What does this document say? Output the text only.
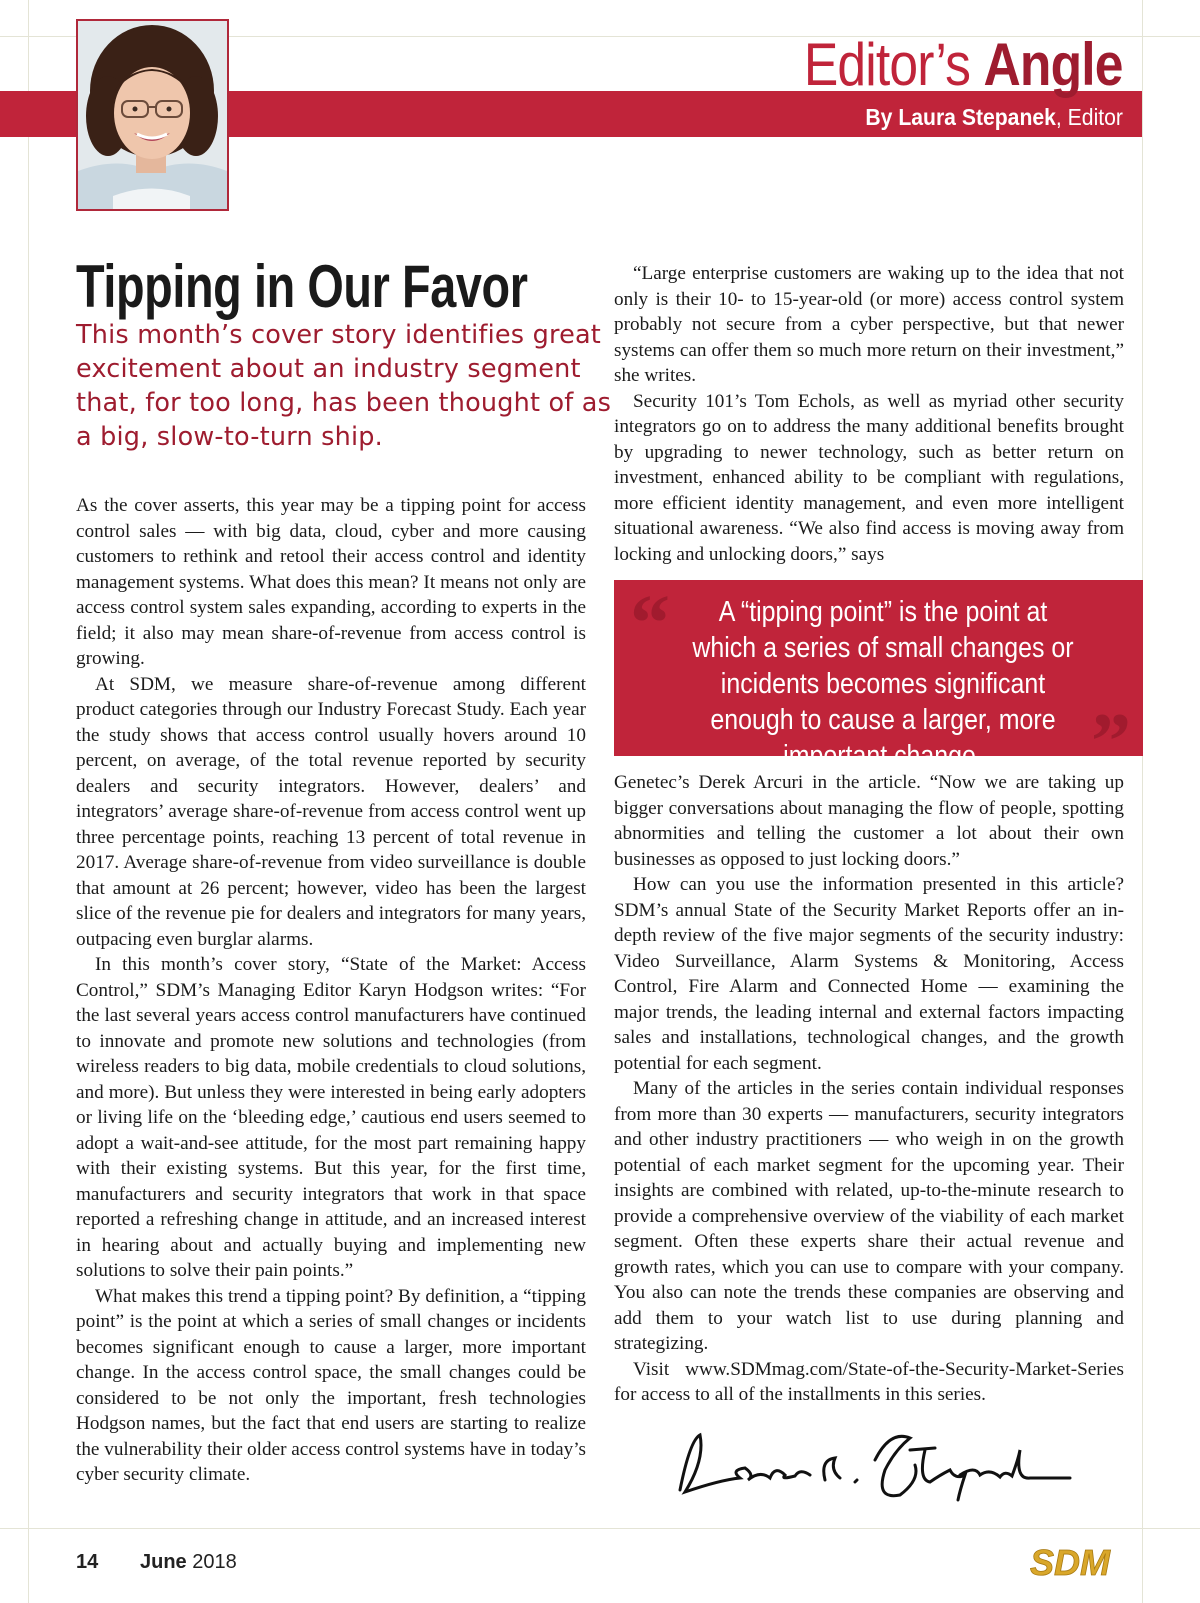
Editor’s Angle
By Laura Stepanek, Editor
Tipping in Our Favor
This month’s cover story identifies great excitement about an industry segment that, for too long, has been thought of as a big, slow-to-turn ship.

As the cover asserts, this year may be a tipping point for access control sales — with big data, cloud, cyber and more causing customers to rethink and retool their access control and identity management systems. What does this mean? It means not only are access control system sales expanding, according to experts in the field; it also may mean share-of-revenue from access control is growing.

At SDM, we measure share-of-revenue among different product categories through our Industry Forecast Study. Each year the study shows that access control usually hovers around 10 percent, on average, of the total revenue reported by security dealers and security integrators. However, dealers’ and integrators’ average share-of-revenue from access control went up three percentage points, reaching 13 percent of total revenue in 2017. Average share-of-revenue from video surveillance is double that amount at 26 percent; however, video has been the largest slice of the revenue pie for dealers and integrators for many years, outpacing even burglar alarms.

In this month’s cover story, “State of the Market: Access Control,” SDM’s Managing Editor Karyn Hodgson writes: “For the last several years access control manufacturers have continued to innovate and promote new solutions and technologies (from wireless readers to big data, mobile credentials to cloud solutions, and more). But unless they were interested in being early adopters or living life on the ‘bleeding edge,’ cautious end users seemed to adopt a wait-and-see attitude, for the most part remaining happy with their existing systems. But this year, for the first time, manufacturers and security integrators that work in that space reported a refreshing change in attitude, and an increased interest in hearing about and actually buying and implementing new solutions to solve their pain points.”

What makes this trend a tipping point? By definition, a “tipping point” is the point at which a series of small changes or incidents becomes significant enough to cause a larger, more important change. In the access control space, the small changes could be considered to be not only the important, fresh technologies Hodgson names, but the fact that end users are starting to realize the vulnerability their older access control systems have in today’s cyber security climate.

“Large enterprise customers are waking up to the idea that not only is their 10- to 15-year-old (or more) access control system probably not secure from a cyber perspective, but that newer systems can offer them so much more return on their investment,” she writes.

Security 101’s Tom Echols, as well as myriad other security integrators go on to address the many additional benefits brought by upgrading to newer technology, such as better return on investment, enhanced ability to be compliant with regulations, more efficient identity management, and even more intelligent situational awareness. “We also find access is moving away from locking and unlocking doors,” says

“	A “tipping point” is the point at which a series of small changes or incidents becomes significant enough to cause a larger, more important change.	”

Genetec’s Derek Arcuri in the article. “Now we are taking up bigger conversations about managing the flow of people, spotting abnormities and telling the customer a lot about their own businesses as opposed to just locking doors.”

How can you use the information presented in this article? SDM’s annual State of the Security Market Reports offer an in-depth review of the five major segments of the security industry: Video Surveillance, Alarm Systems & Monitoring, Access Control, Fire Alarm and Connected Home — examining the major trends, the leading internal and external factors impacting sales and installations, technological changes, and the growth potential for each segment.

Many of the articles in the series contain individual responses from more than 30 experts — manufacturers, security integrators and other industry practitioners — who weigh in on the growth potential of each market segment for the upcoming year. Their insights are combined with related, up-to-the-minute research to provide a comprehensive overview of the viability of each market segment. Often these experts share their actual revenue and growth rates, which you can use to compare with your company. You also can note the trends these companies are observing and add them to your watch list to use during planning and strategizing.

Visit www.SDMmag.com/State-of-the-Security-Market-Series for access to all of the installments in this series.

14 June 2018	SDM
